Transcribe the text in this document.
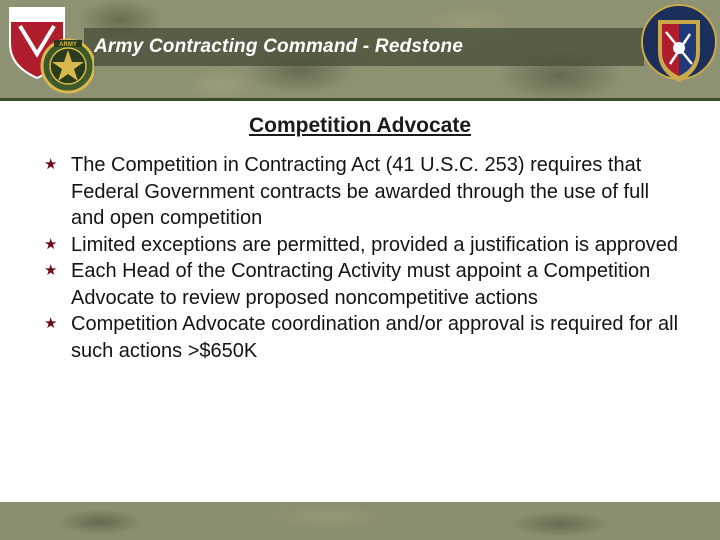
Army Contracting Command - Redstone
ARMY
Competition Advocate
★ The Competition in Contracting Act (41 U.S.C. 253) requires that Federal Government contracts be awarded through the use of full and open competition
★ Limited exceptions are permitted, provided a justification is approved
★ Each Head of the Contracting Activity must appoint a Competition Advocate to review proposed noncompetitive actions
★ Competition Advocate coordination and/or approval is required for all such actions >$650K
